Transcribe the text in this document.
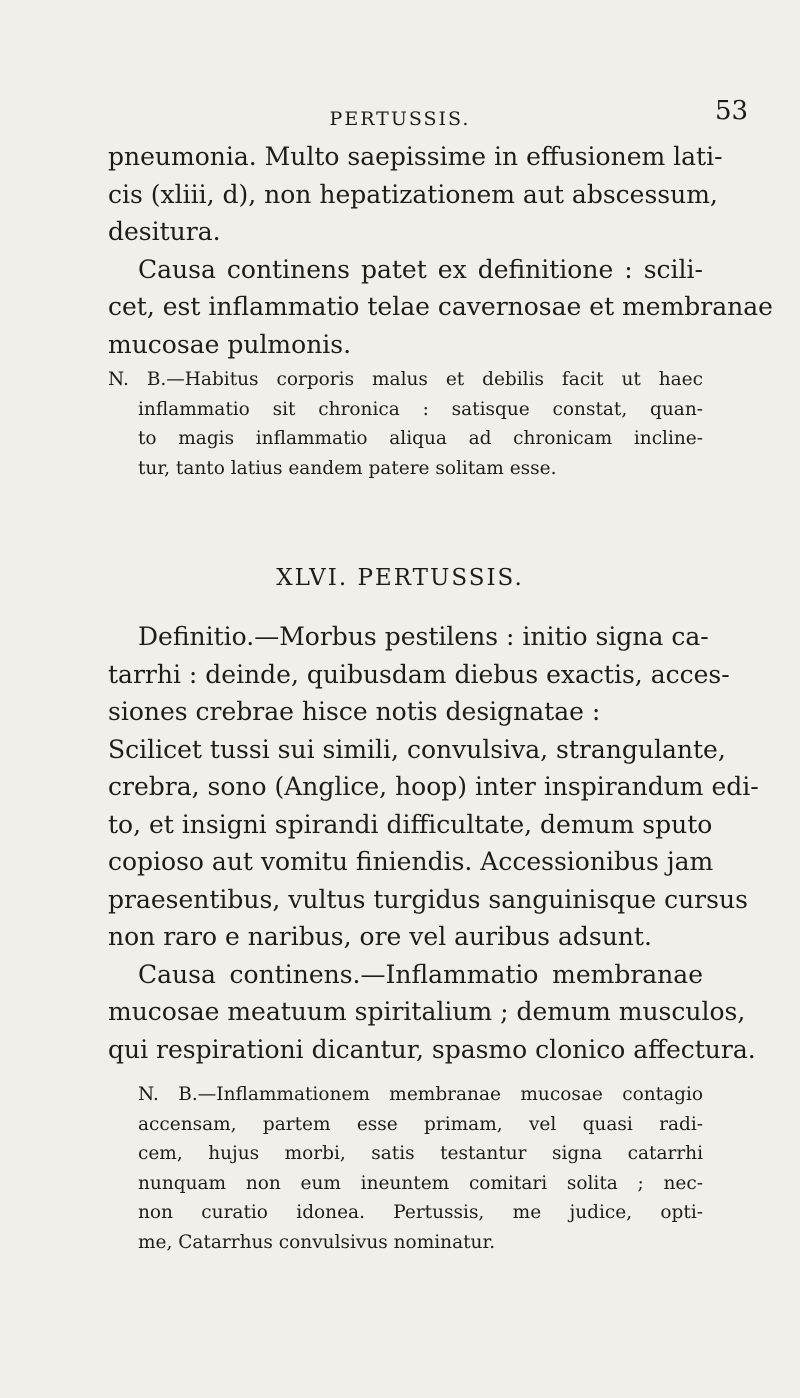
PERTUSSIS.	53
pneumonia. Multo saepissime in effusionem lati-
cis (xliii, d), non hepatizationem aut abscessum,
desitura.
Causa continens patet ex definitione : scili-
cet, est inflammatio telae cavernosae et membranae
mucosae pulmonis.
N. B.—Habitus corporis malus et debilis facit ut haec
inflammatio sit chronica : satisque constat, quan-
to magis inflammatio aliqua ad chronicam incline-
tur, tanto latius eandem patere solitam esse.
XLVI. PERTUSSIS.
Definitio.—Morbus pestilens : initio signa ca-
tarrhi : deinde, quibusdam diebus exactis, acces-
siones crebrae hisce notis designatae :
Scilicet tussi sui simili, convulsiva, strangulante,
crebra, sono (Anglice, hoop) inter inspirandum edi-
to, et insigni spirandi difficultate, demum sputo
copioso aut vomitu finiendis. Accessionibus jam
praesentibus, vultus turgidus sanguinisque cursus
non raro e naribus, ore vel auribus adsunt.
Causa continens.—Inflammatio membranae
mucosae meatuum spiritalium ; demum musculos,
qui respirationi dicantur, spasmo clonico affectura.
N. B.—Inflammationem membranae mucosae contagio
accensam, partem esse primam, vel quasi radi-
cem, hujus morbi, satis testantur signa catarrhi
nunquam non eum ineuntem comitari solita ; nec-
non curatio idonea. Pertussis, me judice, opti-
me, Catarrhus convulsivus nominatur.
